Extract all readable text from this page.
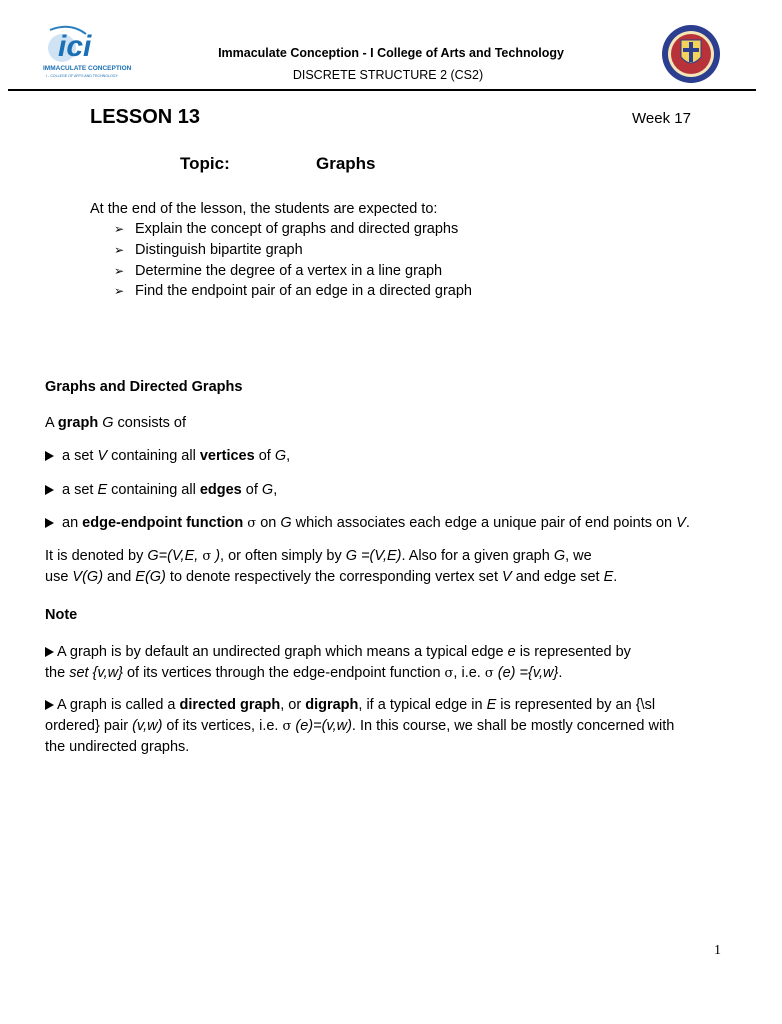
ici
IMMACULATE CONCEPTION
I - COLLEGE OF ARTS AND TECHNOLOGY
Immaculate Conception - I College of Arts and Technology
DISCRETE STRUCTURE 2 (CS2)
LESSON 13	Week 17
Topic:	Graphs
At the end of the lesson, the students are expected to:
➢ Explain the concept of graphs and directed graphs
➢ Distinguish bipartite graph
➢ Determine the degree of a vertex in a line graph
➢ Find the endpoint pair of an edge in a directed graph
Graphs and Directed Graphs
A graph G consists of
a set V containing all vertices of G,
a set E containing all edges of G,
an edge-endpoint function σ on G which associates each edge a unique pair of end points on V.
It is denoted by G=(V,E, σ ), or often simply by G =(V,E). Also for a given graph G, we
use V(G) and E(G) to denote respectively the corresponding vertex set V and edge set E.
Note
A graph is by default an undirected graph which means a typical edge e is represented by
the set {v,w} of its vertices through the edge-endpoint function σ, i.e. σ (e) ={v,w}.
A graph is called a directed graph, or digraph, if a typical edge in E is represented by an {\sl
ordered} pair (v,w) of its vertices, i.e. σ (e)=(v,w). In this course, we shall be mostly concerned with
the undirected graphs.
1
